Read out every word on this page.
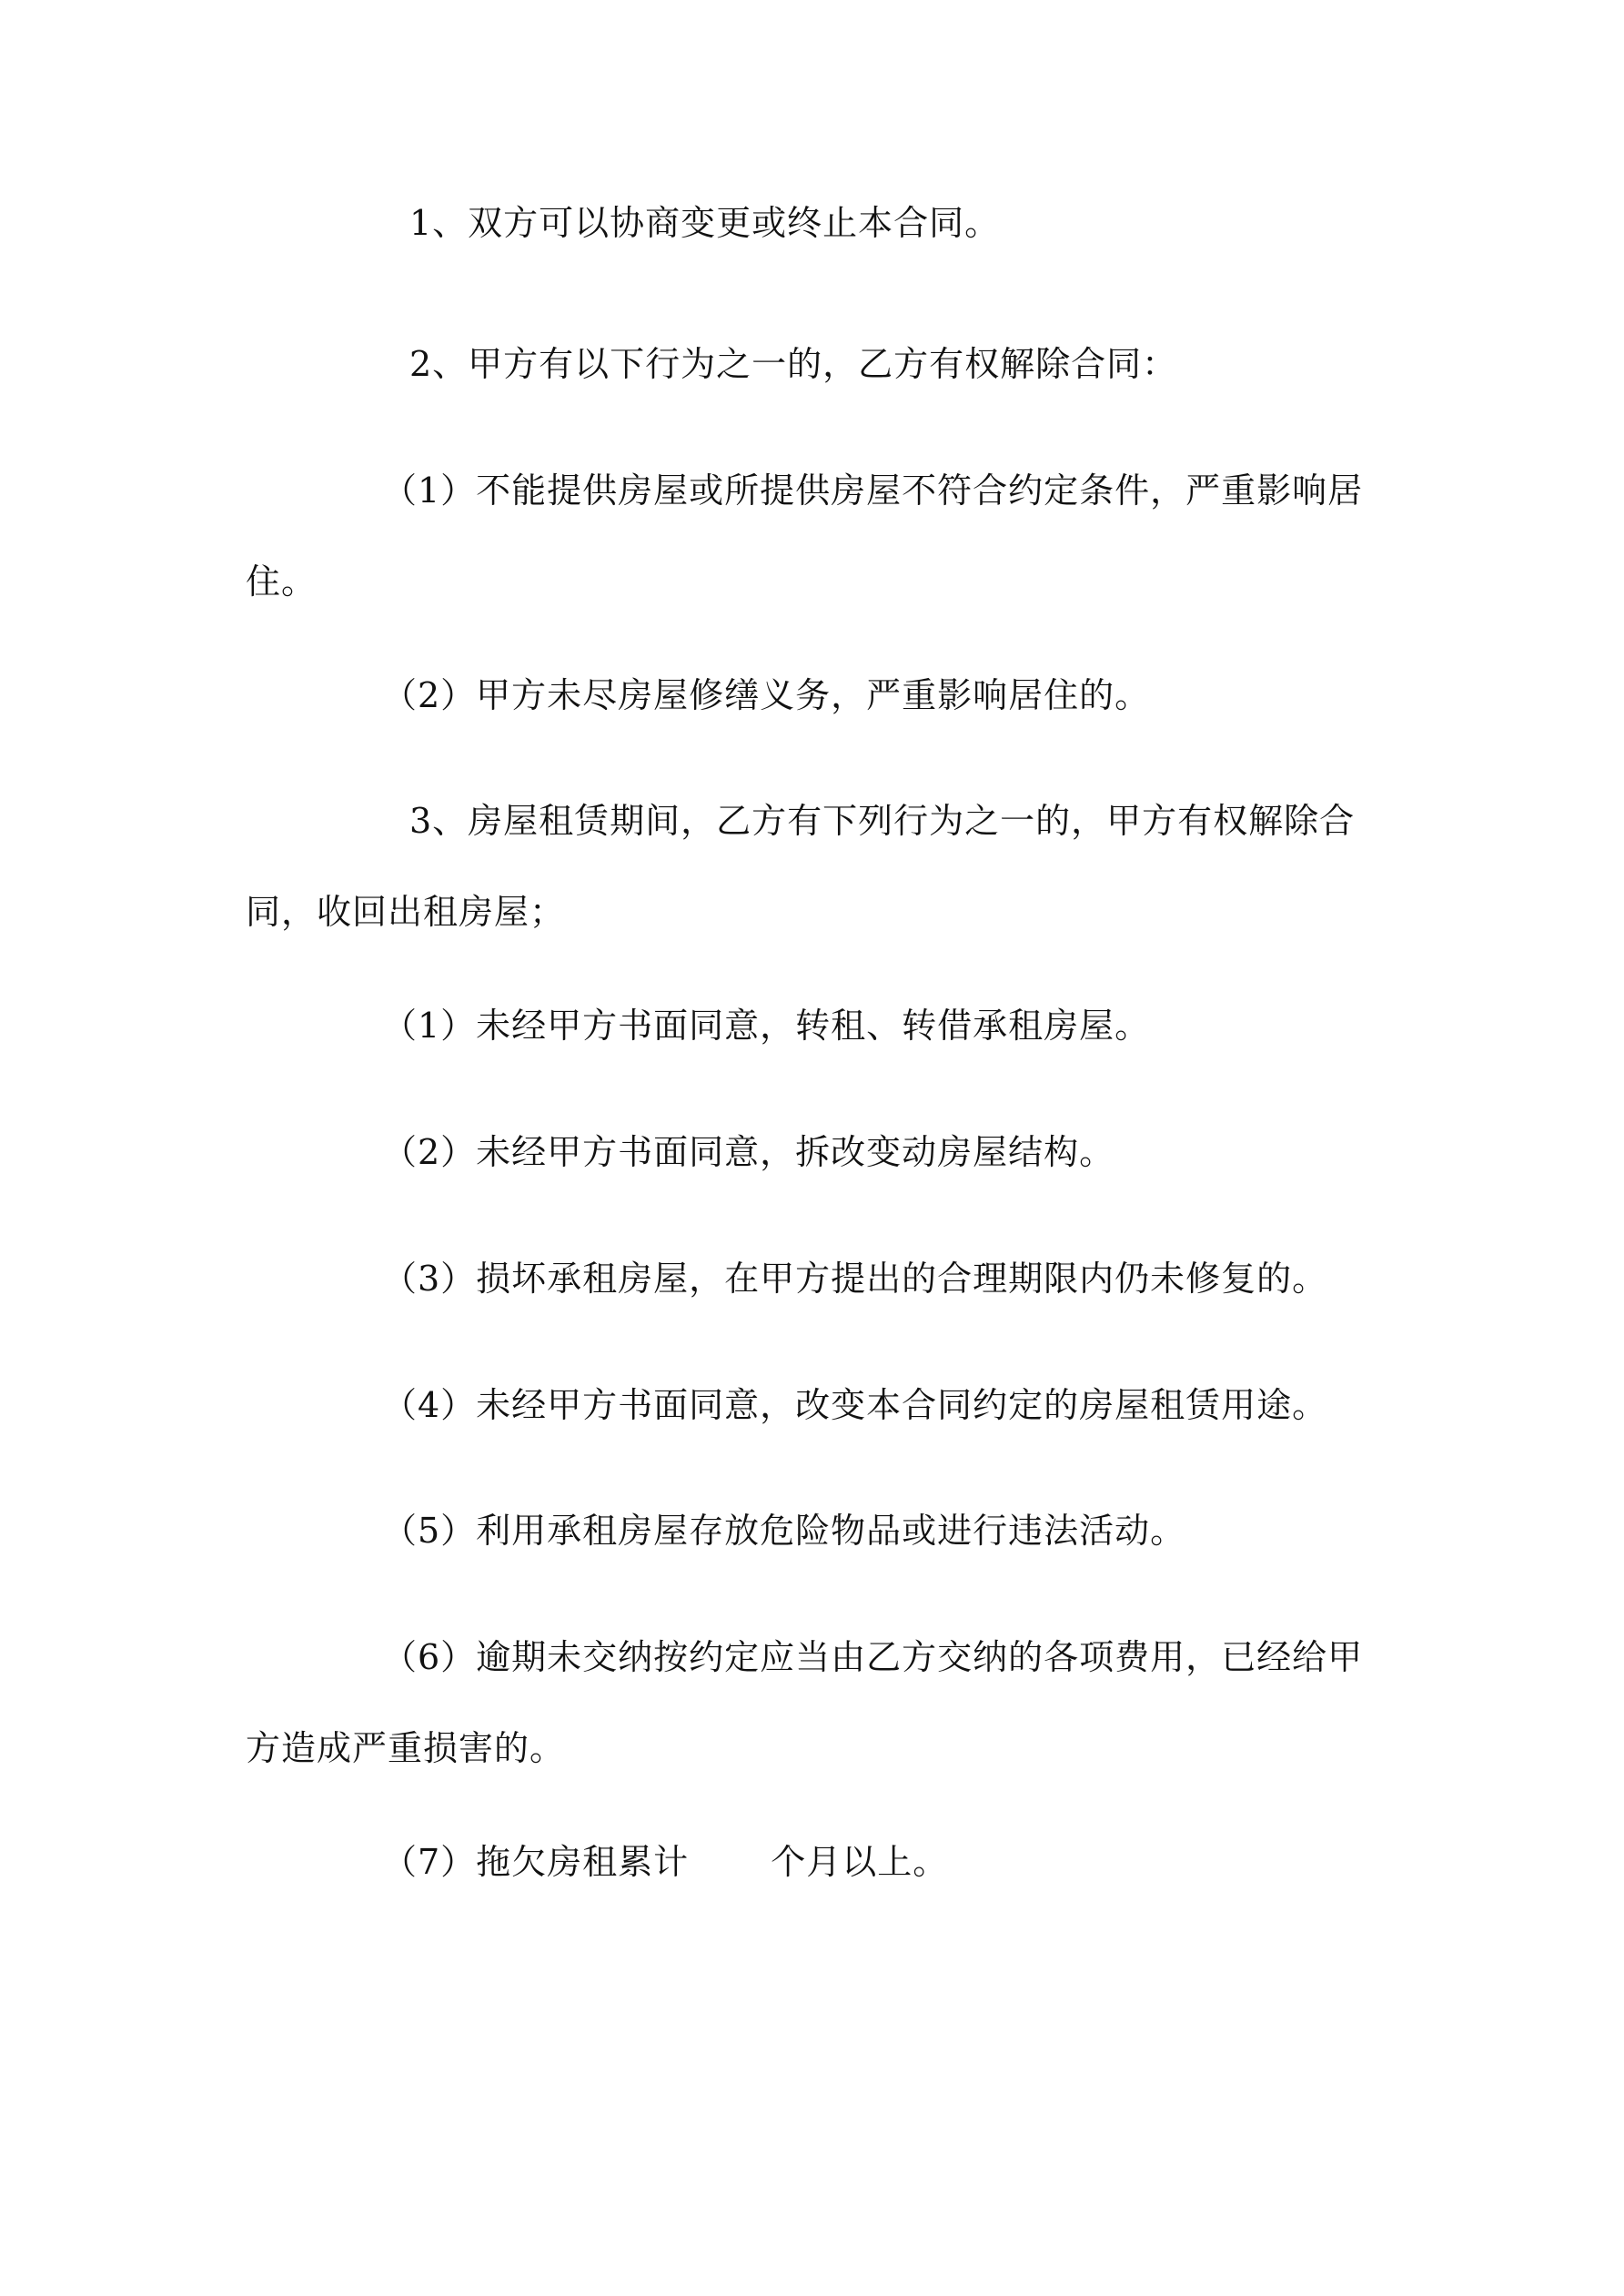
1、双方可以协商变更或终止本合同。

2、甲方有以下行为之一的，乙方有权解除合同：

（1）不能提供房屋或所提供房屋不符合约定条件，严重影响居住。

（2）甲方未尽房屋修缮义务，严重影响居住的。

3、房屋租赁期间，乙方有下列行为之一的，甲方有权解除合同，收回出租房屋；

（1）未经甲方书面同意，转租、转借承租房屋。

（2）未经甲方书面同意，拆改变动房屋结构。

（3）损坏承租房屋，在甲方提出的合理期限内仍未修复的。

（4）未经甲方书面同意，改变本合同约定的房屋租赁用途。

（5）利用承租房屋存放危险物品或进行违法活动。

（6）逾期未交纳按约定应当由乙方交纳的各项费用，已经给甲方造成严重损害的。

（7）拖欠房租累计 个月以上。
